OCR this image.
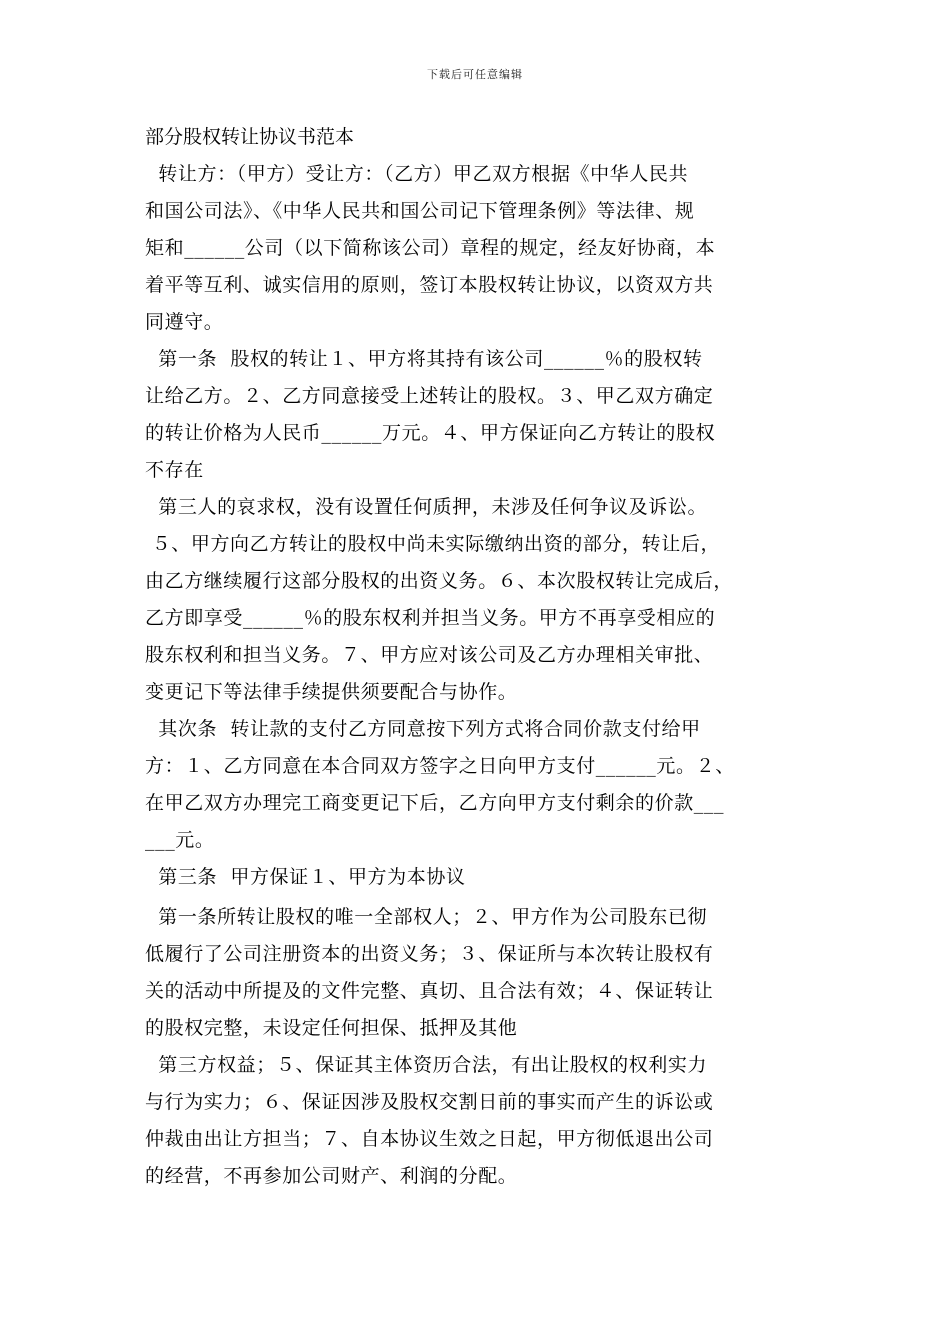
下载后可任意编辑
部分股权转让协议书范本
转让方：（甲方）受让方：（乙方）甲乙双方根据《中华人民共
和国公司法》、《中华人民共和国公司记下管理条例》等法律、规
矩和______公司（以下简称该公司）章程的规定，经友好协商，本
着平等互利、诚实信用的原则，签订本股权转让协议，以资双方共
同遵守。
第一条  股权的转让１、甲方将其持有该公司______％的股权转
让给乙方。２、乙方同意接受上述转让的股权。３、甲乙双方确定
的转让价格为人民币______万元。４、甲方保证向乙方转让的股权
不存在
第三人的哀求权，没有设置任何质押，未涉及任何争议及诉讼。
５、甲方向乙方转让的股权中尚未实际缴纳出资的部分，转让后，
由乙方继续履行这部分股权的出资义务。６、本次股权转让完成后，
乙方即享受______％的股东权利并担当义务。甲方不再享受相应的
股东权利和担当义务。７、甲方应对该公司及乙方办理相关审批、
变更记下等法律手续提供须要配合与协作。
其次条  转让款的支付乙方同意按下列方式将合同价款支付给甲
方：１、乙方同意在本合同双方签字之日向甲方支付______元。２、
在甲乙双方办理完工商变更记下后，乙方向甲方支付剩余的价款___
___元。
第三条  甲方保证１、甲方为本协议
第一条所转让股权的唯一全部权人；２、甲方作为公司股东已彻
低履行了公司注册资本的出资义务；３、保证所与本次转让股权有
关的活动中所提及的文件完整、真切、且合法有效；４、保证转让
的股权完整，未设定任何担保、抵押及其他
第三方权益；５、保证其主体资历合法，有出让股权的权利实力
与行为实力；６、保证因涉及股权交割日前的事实而产生的诉讼或
仲裁由出让方担当；７、自本协议生效之日起，甲方彻低退出公司
的经营，不再参加公司财产、利润的分配。
